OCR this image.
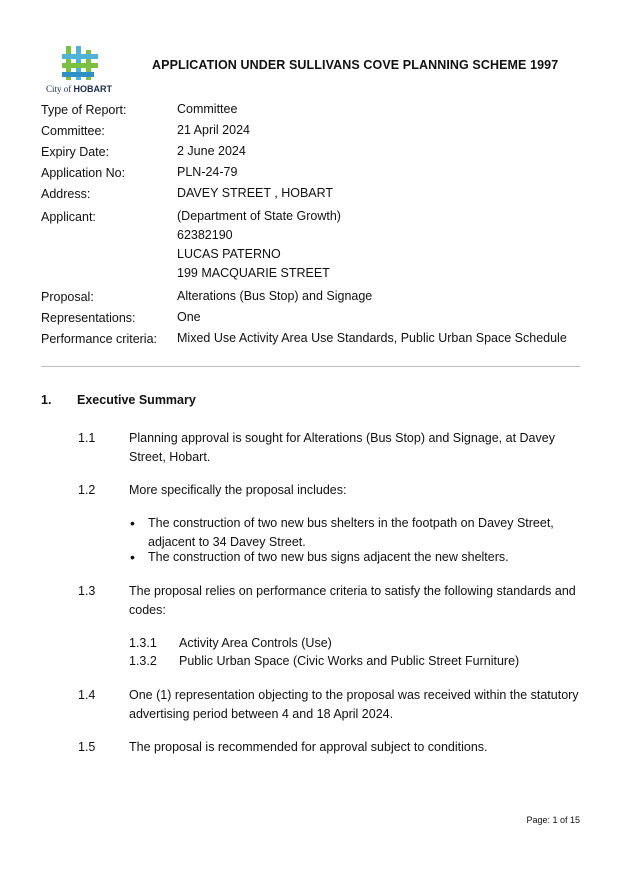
City of HOBART
APPLICATION UNDER SULLIVANS COVE PLANNING SCHEME 1997
Type of Report:	Committee
Committee:	21 April 2024
Expiry Date:	2 June 2024
Application No:	PLN-24-79
Address:	DAVEY STREET , HOBART
Applicant:	(Department of State Growth)
62382190
LUCAS PATERNO
199 MACQUARIE STREET
Proposal:	Alterations (Bus Stop) and Signage
Representations:	One
Performance criteria:	Mixed Use Activity Area Use Standards, Public Urban Space Schedule
1. Executive Summary
1.1	Planning approval is sought for Alterations (Bus Stop) and Signage, at Davey
Street, Hobart.
1.2	More specifically the proposal includes:
• The construction of two new bus shelters in the footpath on Davey Street,
adjacent to 34 Davey Street.
• The construction of two new bus signs adjacent the new shelters.
1.3	The proposal relies on performance criteria to satisfy the following standards and
codes:
1.3.1 Activity Area Controls (Use)
1.3.2 Public Urban Space (Civic Works and Public Street Furniture)
1.4	One (1) representation objecting to the proposal was received within the statutory
advertising period between 4 and 18 April 2024.
1.5	The proposal is recommended for approval subject to conditions.
Page: 1 of 15
